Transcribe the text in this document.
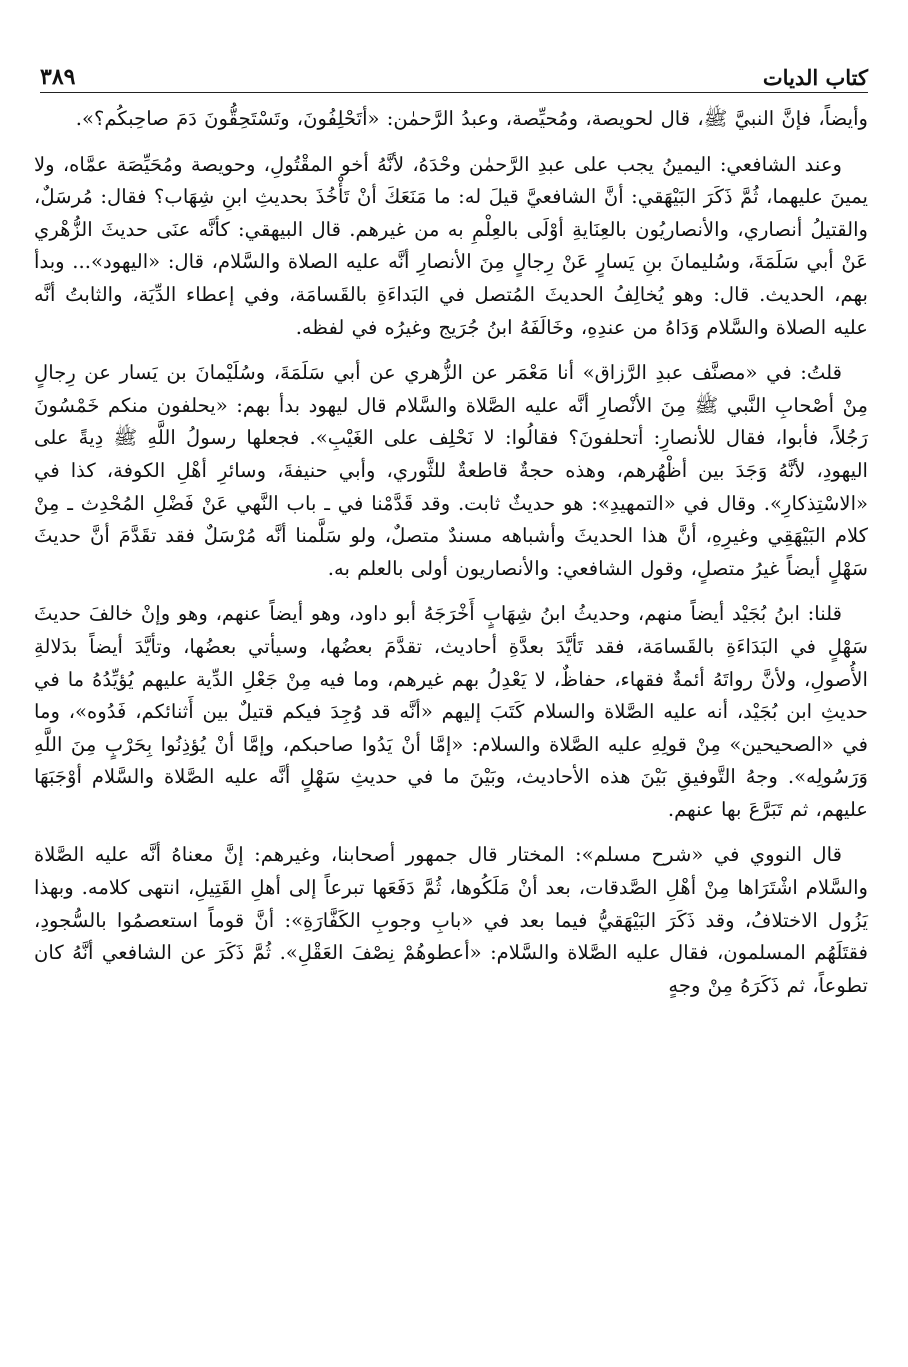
كتاب الديات
٣٨٩

وأيضاً، فإنَّ النبيَّ ﷺ، قال لحويصة، ومُحيِّصة، وعبدُ الرَّحمٰن: «أتَحْلِفُونَ، وتَسْتَحِقُّونَ دَمَ صاحِبكُم؟».

وعند الشافعي: اليمينُ يجب على عبدِ الرَّحمٰن وحْدَهُ، لأنَّهُ أخو المقْتُولِ، وحويصة ومُحَيِّصَة عمَّاه، ولا يمينَ عليهما، ثُمَّ ذَكَرَ البَيْهَقي: أنَّ الشافعيَّ قيلَ له: ما مَنَعَكَ أنْ تَأْخُذَ بحديثِ ابنِ شِهَاب؟ فقال: مُرسَلٌ، والقتيلُ أنصاري، والأنصاريُون بالعِنَايةِ أوْلَى بالعِلْمِ به من غيرهم. قال البيهقي: كأنَّه عنَى حديثَ الزُّهْري عَنْ أبي سَلَمَةَ، وسُليمانَ بنِ يَسارٍ عَنْ رِجالٍ مِنَ الأنصارِ أنَّه عليه الصلاة والسَّلام، قال: «اليهود»... وبدأ بهم، الحديث. قال: وهو يُخالِفُ الحديثَ المُتصل في البَداءَةِ بالقَسامَة، وفي إعطاء الدِّيَة، والثابتُ أنَّه عليه الصلاة والسَّلام وَدَاهُ من عندِهِ، وخَالَفَهُ ابنُ جُرَيج وغيرُه في لفظه.

قلتُ: في «مصنَّف عبدِ الرَّزاق» أنا مَعْمَر عن الزُّهري عن أبي سَلَمَةَ، وسُلَيْمانَ بن يَسار عن رِجالٍ مِنْ أصْحابِ النَّبي ﷺ مِنَ الأنْصارِ أنَّه عليه الصَّلاة والسَّلام قال ليهود بدأ بهم: «يحلفون منكم خَمْسُونَ رَجُلاً، فأبوا، فقال للأنصارِ: أتحلفونَ؟ فقالُوا: لا نَحْلِف على الغَيْبِ». فجعلها رسولُ اللَّهِ ﷺ دِيةً على اليهودِ، لأنَّهُ وَجَدَ بين أظْهُرهم، وهذه حجةٌ قاطعةٌ للثَّوري، وأبي حنيفةَ، وسائرِ أهْلِ الكوفة، كذا في «الاسْتِذكارِ». وقال في «التمهيدِ»: هو حديثٌ ثابت. وقد قَدَّمْنا في ـ باب النَّهي عَنْ فَضْلِ المُحْدِث ـ مِنْ كلام البَيْهَقِي وغيرِهِ، أنَّ هذا الحديثَ وأشباهه مسندٌ متصلٌ، ولو سَلَّمنا أنَّه مُرْسَلٌ فقد تقَدَّمَ أنَّ حديثَ سَهْلٍ أيضاً غيرُ متصلٍ، وقول الشافعي: والأنصاريون أولى بالعلم به.

قلنا: ابنُ بُجَيْد أيضاً منهم، وحديثُ ابنُ شِهَابٍ أَخْرَجَهُ أبو داود، وهو أيضاً عنهم، وهو وإنْ خالفَ حديثَ سَهْلٍ في البَدَاءَةِ بالقَسامَة، فقد تَأيَّدَ بعدَّةِ أحاديث، تقدَّمَ بعضُها، وسيأتي بعضُها، وتأيَّدَ أيضاً بدَلالةِ الأُصولِ، ولأنَّ رواتَهُ أئمةٌ فقهاء، حفاظٌ، لا يَعْدِلُ بهم غيرهم، وما فيه مِنْ جَعْلِ الدِّية عليهم يُؤيِّدُهُ ما في حديثِ ابن بُجَيْد، أنه عليه الصَّلاة والسلام كَتَبَ إليهم «أنَّه قد وُجِدَ فيكم قتيلٌ بين أَثنائكم، فَدُوه»، وما في «الصحيحين» مِنْ قولِهِ عليه الصَّلاة والسلام: «إمَّا أنْ يَدُوا صاحبكم، وإمَّا أنْ يُؤذِنُوا بِحَرْبٍ مِنَ اللَّهِ وَرَسُولِه». وجهُ التَّوفيقِ بَيْنَ هذه الأحاديث، وبَيْنَ ما في حديثِ سَهْلٍ أنَّه عليه الصَّلاة والسَّلام أوْجَبَهَا عليهم، ثم تَبَرَّعَ بها عنهم.

قال النووي في «شرح مسلم»: المختار قال جمهور أصحابنا، وغيرهم: إنَّ معناهُ أنَّه عليه الصَّلاة والسَّلام اشْتَرَاها مِنْ أهْلِ الصَّدقات، بعد أنْ مَلَكُوها، ثُمَّ دَفَعَها تبرعاً إلى أهلِ القَتِيلِ، انتهى كلامه. وبهذا يَزُول الاختلافُ، وقد ذَكَرَ البَيْهَقيُّ فيما بعد في «بابِ وجوبِ الكَفَّارَةِ»: أنَّ قوماً استعصمُوا بالسُّجودِ، فقتَلَهُم المسلمون، فقال عليه الصَّلاة والسَّلام: «أعطوهُمْ نِصْفَ العَقْلِ». ثُمَّ ذَكَرَ عن الشافعي أنَّهُ كان تطوعاً، ثم ذَكَرَهُ مِنْ وجهٍ
